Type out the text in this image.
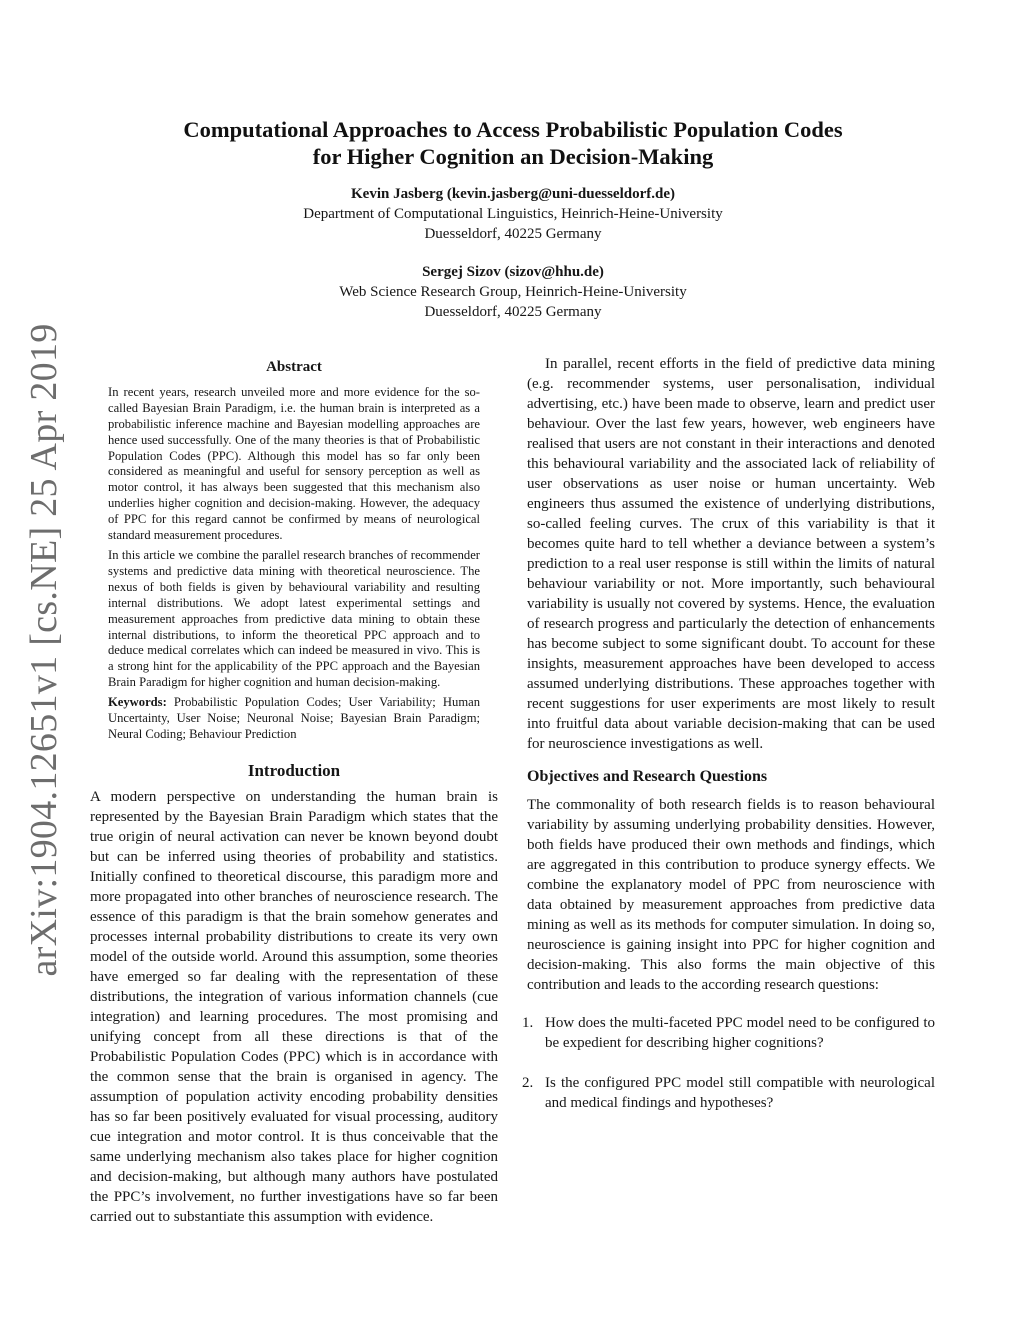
arXiv:1904.12651v1 [cs.NE] 25 Apr 2019
Computational Approaches to Access Probabilistic Population Codes
for Higher Cognition an Decision-Making
Kevin Jasberg (kevin.jasberg@uni-duesseldorf.de)
Department of Computational Linguistics, Heinrich-Heine-University
Duesseldorf, 40225 Germany
Sergej Sizov (sizov@hhu.de)
Web Science Research Group, Heinrich-Heine-University
Duesseldorf, 40225 Germany
Abstract

In recent years, research unveiled more and more evidence for the so-called Bayesian Brain Paradigm, i.e. the human brain is interpreted as a probabilistic inference machine and Bayesian modelling approaches are hence used successfully. One of the many theories is that of Probabilistic Population Codes (PPC). Although this model has so far only been considered as meaningful and useful for sensory perception as well as motor control, it has always been suggested that this mechanism also underlies higher cognition and decision-making. However, the adequacy of PPC for this regard cannot be confirmed by means of neurological standard measurement procedures.

In this article we combine the parallel research branches of recommender systems and predictive data mining with theoretical neuroscience. The nexus of both fields is given by behavioural variability and resulting internal distributions. We adopt latest experimental settings and measurement approaches from predictive data mining to obtain these internal distributions, to inform the theoretical PPC approach and to deduce medical correlates which can indeed be measured in vivo. This is a strong hint for the applicability of the PPC approach and the Bayesian Brain Paradigm for higher cognition and human decision-making.

Keywords: Probabilistic Population Codes; User Variability; Human Uncertainty, User Noise; Neuronal Noise; Bayesian Brain Paradigm; Neural Coding; Behaviour Prediction

Introduction

A modern perspective on understanding the human brain is represented by the Bayesian Brain Paradigm which states that the true origin of neural activation can never be known beyond doubt but can be inferred using theories of probability and statistics. Initially confined to theoretical discourse, this paradigm more and more propagated into other branches of neuroscience research. The essence of this paradigm is that the brain somehow generates and processes internal probability distributions to create its very own model of the outside world. Around this assumption, some theories have emerged so far dealing with the representation of these distributions, the integration of various information channels (cue integration) and learning procedures. The most promising and unifying concept from all these directions is that of the Probabilistic Population Codes (PPC) which is in accordance with the common sense that the brain is organised in agency. The assumption of population activity encoding probability densities has so far been positively evaluated for visual processing, auditory cue integration and motor control. It is thus conceivable that the same underlying mechanism also takes place for higher cognition and decision-making, but although many authors have postulated the PPC’s involvement, no further investigations have so far been carried out to substantiate this assumption with evidence.

In parallel, recent efforts in the field of predictive data mining (e.g. recommender systems, user personalisation, individual advertising, etc.) have been made to observe, learn and predict user behaviour. Over the last few years, however, web engineers have realised that users are not constant in their interactions and denoted this behavioural variability and the associated lack of reliability of user observations as user noise or human uncertainty. Web engineers thus assumed the existence of underlying distributions, so-called feeling curves. The crux of this variability is that it becomes quite hard to tell whether a deviance between a system’s prediction to a real user response is still within the limits of natural behaviour variability or not. More importantly, such behavioural variability is usually not covered by systems. Hence, the evaluation of research progress and particularly the detection of enhancements has become subject to some significant doubt. To account for these insights, measurement approaches have been developed to access assumed underlying distributions. These approaches together with recent suggestions for user experiments are most likely to result into fruitful data about variable decision-making that can be used for neuroscience investigations as well.

Objectives and Research Questions

The commonality of both research fields is to reason behavioural variability by assuming underlying probability densities. However, both fields have produced their own methods and findings, which are aggregated in this contribution to produce synergy effects. We combine the explanatory model of PPC from neuroscience with data obtained by measurement approaches from predictive data mining as well as its methods for computer simulation. In doing so, neuroscience is gaining insight into PPC for higher cognition and decision-making. This also forms the main objective of this contribution and leads to the according research questions:

1. How does the multi-faceted PPC model need to be configured to be expedient for describing higher cognitions?
2. Is the configured PPC model still compatible with neurological and medical findings and hypotheses?
